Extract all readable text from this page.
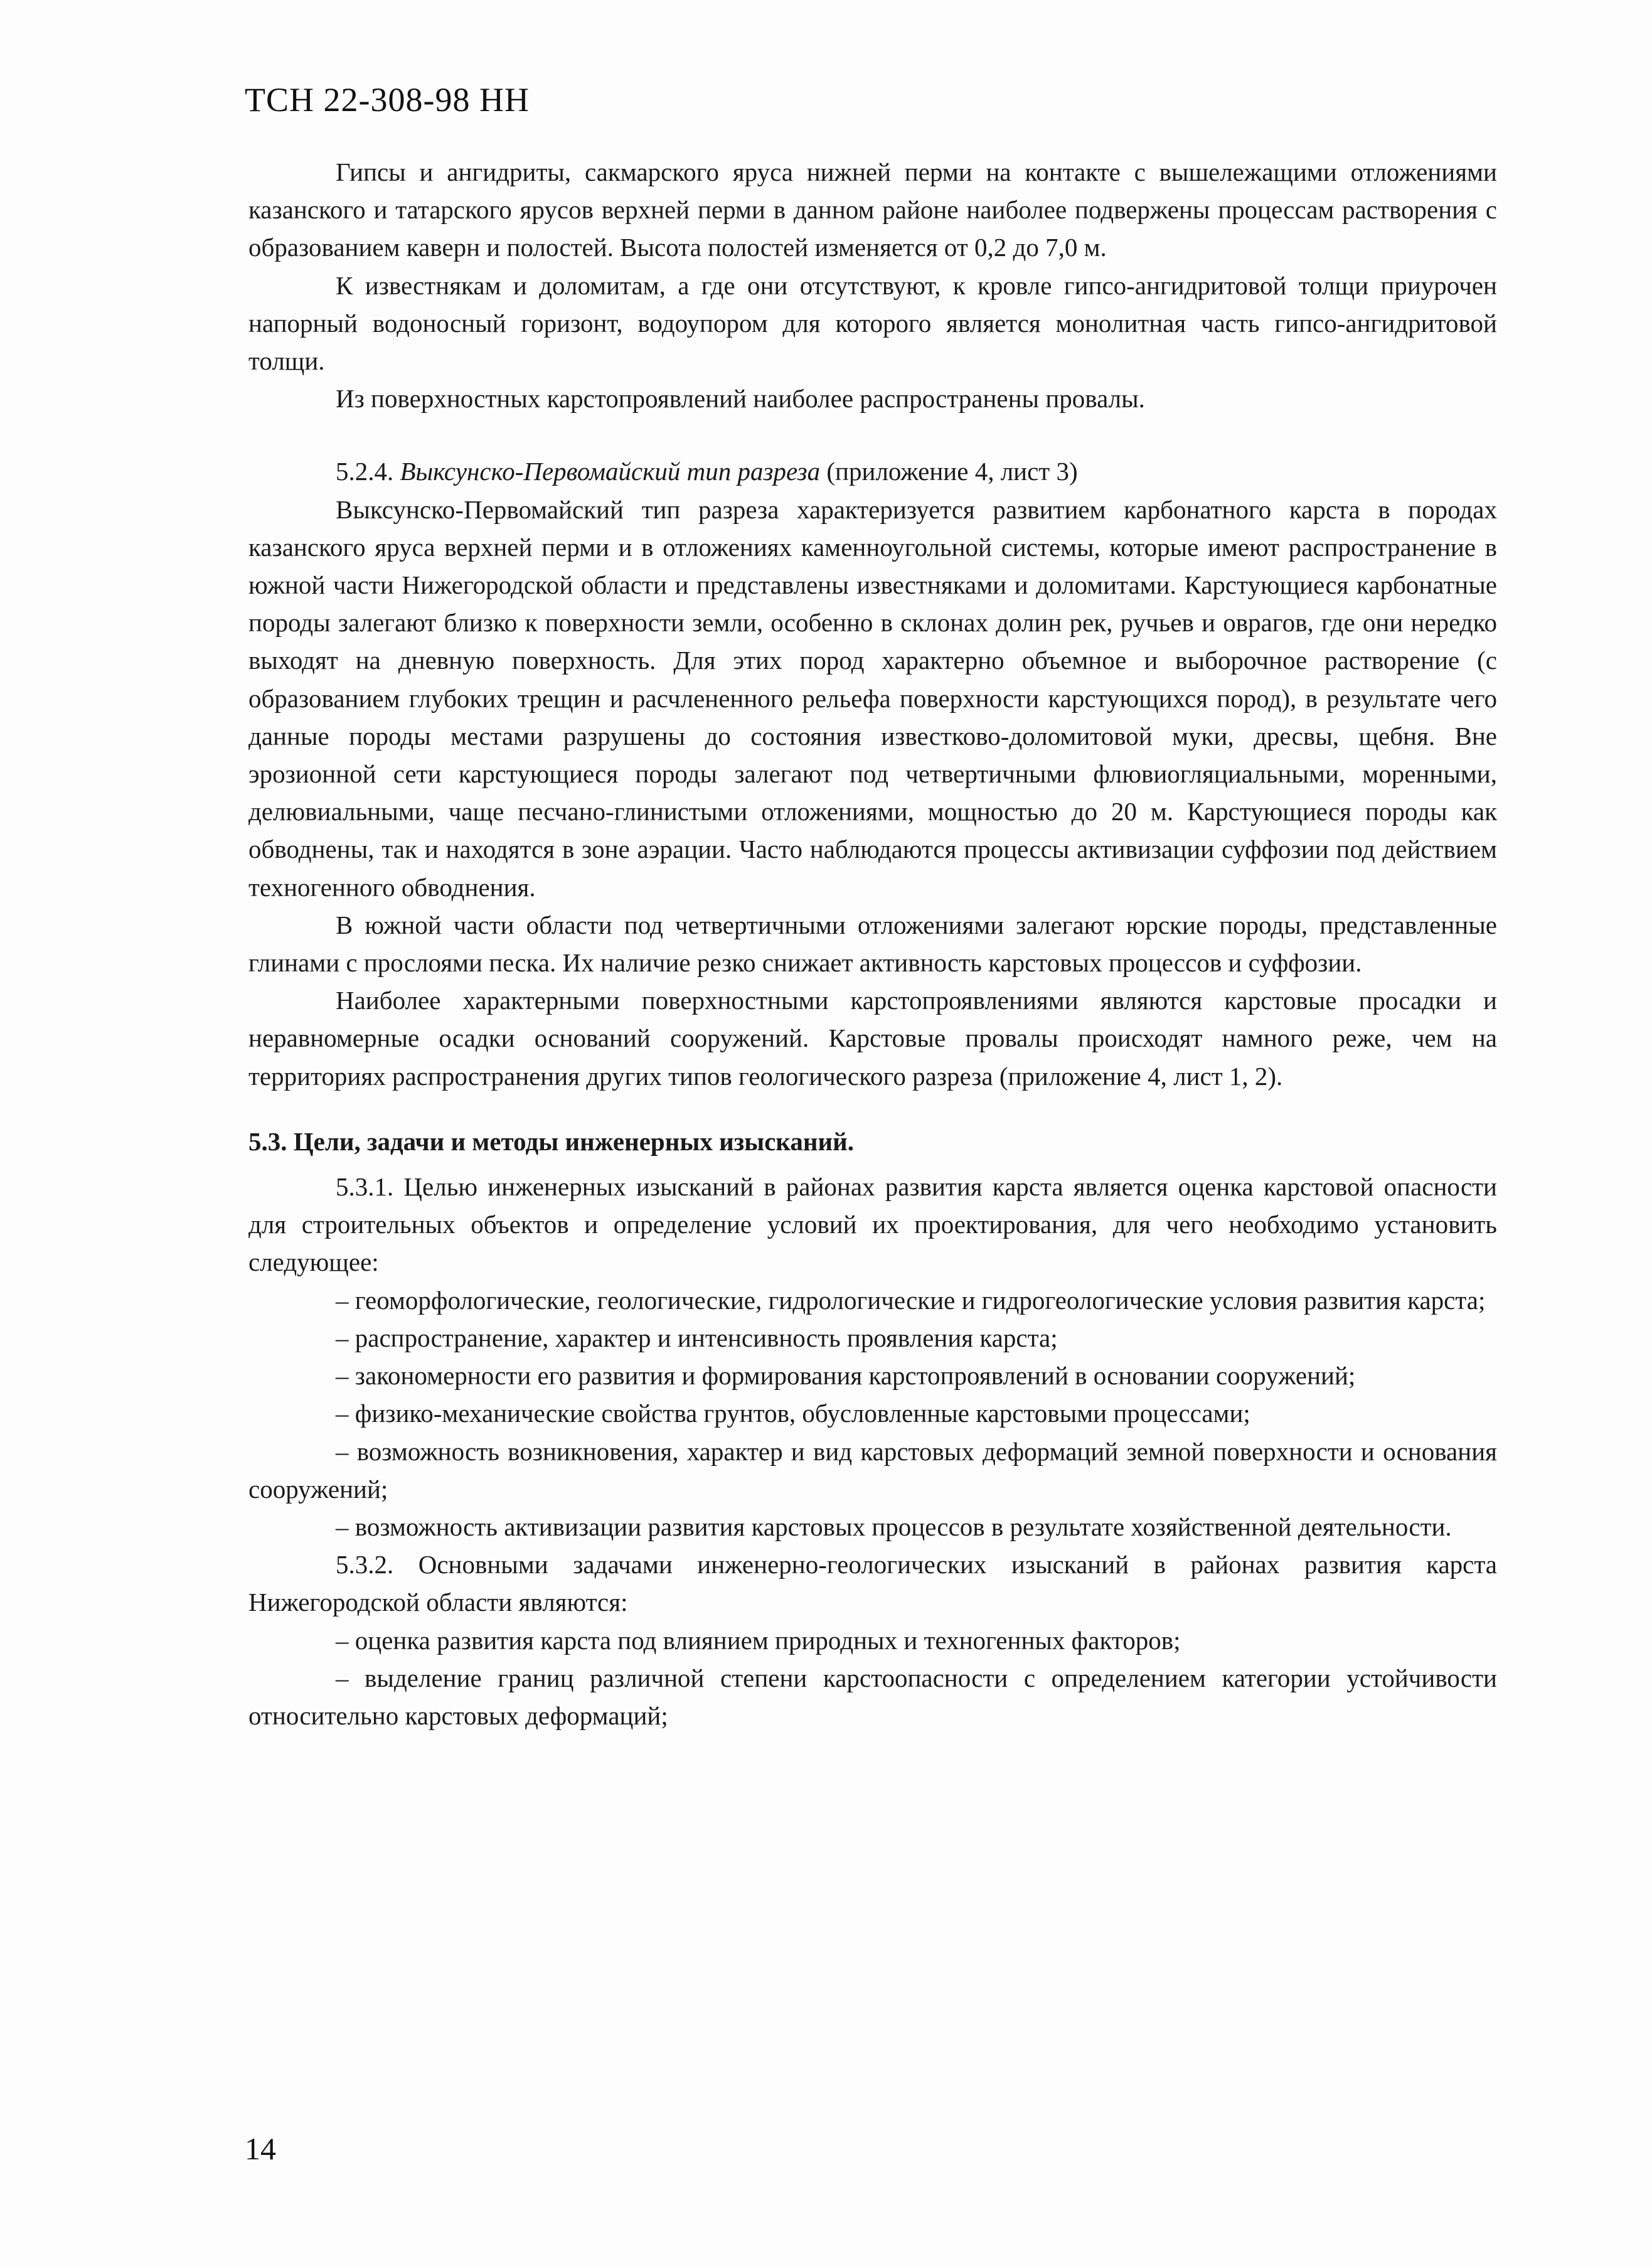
ТСН 22-308-98 НН

Гипсы и ангидриты, сакмарского яруса нижней перми на контакте с вышележащими отложениями казанского и татарского ярусов верхней перми в данном районе наиболее подвержены процессам растворения с образованием каверн и полостей. Высота полостей изменяется от 0,2 до 7,0 м.

К известнякам и доломитам, а где они отсутствуют, к кровле гипсо-ангидритовой толщи приурочен напорный водоносный горизонт, водоупором для которого является монолитная часть гипсо-ангидритовой толщи.

Из поверхностных карстопроявлений наиболее распространены провалы.

5.2.4. Выксунско-Первомайский тип разреза (приложение 4, лист 3)

Выксунско-Первомайский тип разреза характеризуется развитием карбонатного карста в породах казанского яруса верхней перми и в отложениях каменноугольной системы, которые имеют распространение в южной части Нижегородской области и представлены известняками и доломитами. Карстующиеся карбонатные породы залегают близко к поверхности земли, особенно в склонах долин рек, ручьев и оврагов, где они нередко выходят на дневную поверхность. Для этих пород характерно объемное и выборочное растворение (с образованием глубоких трещин и расчлененного рельефа поверхности карстующихся пород), в результате чего данные породы местами разрушены до состояния известково-доломитовой муки, дресвы, щебня. Вне эрозионной сети карстующиеся породы залегают под четвертичными флювиогляциальными, моренными, делювиальными, чаще песчано-глинистыми отложениями, мощностью до 20 м. Карстующиеся породы как обводнены, так и находятся в зоне аэрации. Часто наблюдаются процессы активизации суффозии под действием техногенного обводнения.

В южной части области под четвертичными отложениями залегают юрские породы, представленные глинами с прослоями песка. Их наличие резко снижает активность карстовых процессов и суффозии.

Наиболее характерными поверхностными карстопроявлениями являются карстовые просадки и неравномерные осадки оснований сооружений. Карстовые провалы происходят намного реже, чем на территориях распространения других типов геологического разреза (приложение 4, лист 1, 2).

5.3. Цели, задачи и методы инженерных изысканий.

5.3.1. Целью инженерных изысканий в районах развития карста является оценка карстовой опасности для строительных объектов и определение условий их проектирования, для чего необходимо установить следующее:

– геоморфологические, геологические, гидрологические и гидрогеологические условия развития карста;

– распространение, характер и интенсивность проявления карста;

– закономерности его развития и формирования карстопроявлений в основании сооружений;

– физико-механические свойства грунтов, обусловленные карстовыми процессами;

– возможность возникновения, характер и вид карстовых деформаций земной поверхности и основания сооружений;

– возможность активизации развития карстовых процессов в результате хозяйственной деятельности.

5.3.2. Основными задачами инженерно-геологических изысканий в районах развития карста Нижегородской области являются:

– оценка развития карста под влиянием природных и техногенных факторов;

– выделение границ различной степени карстоопасности с определением категории устойчивости относительно карстовых деформаций;

14
